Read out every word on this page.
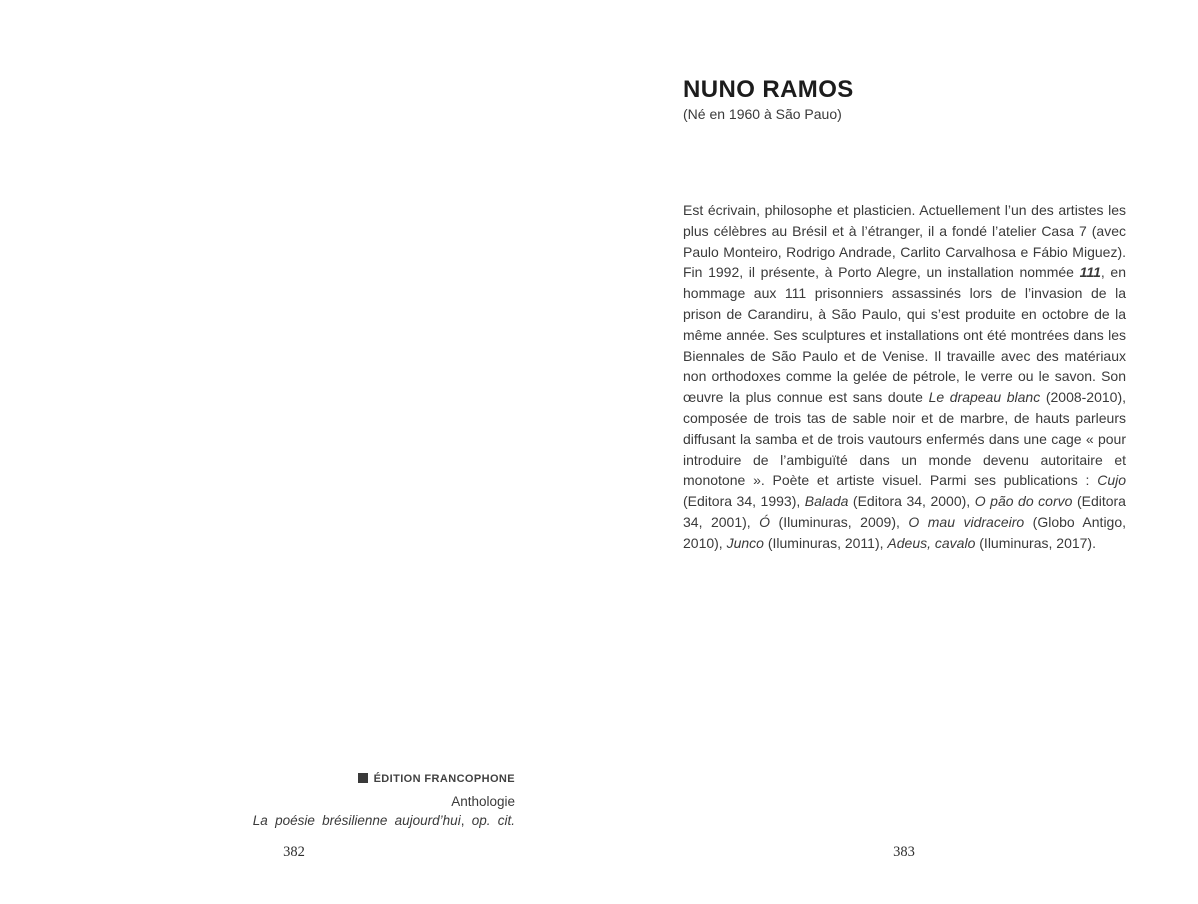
ÉDITION FRANCOPHONE
Anthologie
La poésie brésilienne aujourd’hui, op. cit.
382
NUNO RAMOS
(Né en 1960 à São Pauo)

Est écrivain, philosophe et plasticien. Actuellement l’un des artistes les plus célèbres au Brésil et à l’étranger, il a fondé l’atelier Casa 7 (avec Paulo Monteiro, Rodrigo Andrade, Carlito Carvalhosa e Fábio Miguez). Fin 1992, il présente, à Porto Alegre, un installation nommée 111, en hommage aux 111 prisonniers assassinés lors de l’invasion de la prison de Carandiru, à São Paulo, qui s’est produite en octobre de la même année. Ses sculptures et installations ont été montrées dans les Biennales de São Paulo et de Venise. Il travaille avec des matériaux non orthodoxes comme la gelée de pétrole, le verre ou le savon. Son œuvre la plus connue est sans doute Le drapeau blanc (2008-2010), composée de trois tas de sable noir et de marbre, de hauts parleurs diffusant la samba et de trois vautours enfermés dans une cage « pour introduire de l’ambiguïté dans un monde devenu autoritaire et monotone ». Poète et artiste visuel. Parmi ses publications : Cujo (Editora 34, 1993), Balada (Editora 34, 2000), O pão do corvo (Editora 34, 2001), Ó (Iluminuras, 2009), O mau vidraceiro (Globo Antigo, 2010), Junco (Iluminuras, 2011), Adeus, cavalo (Iluminuras, 2017).

383
